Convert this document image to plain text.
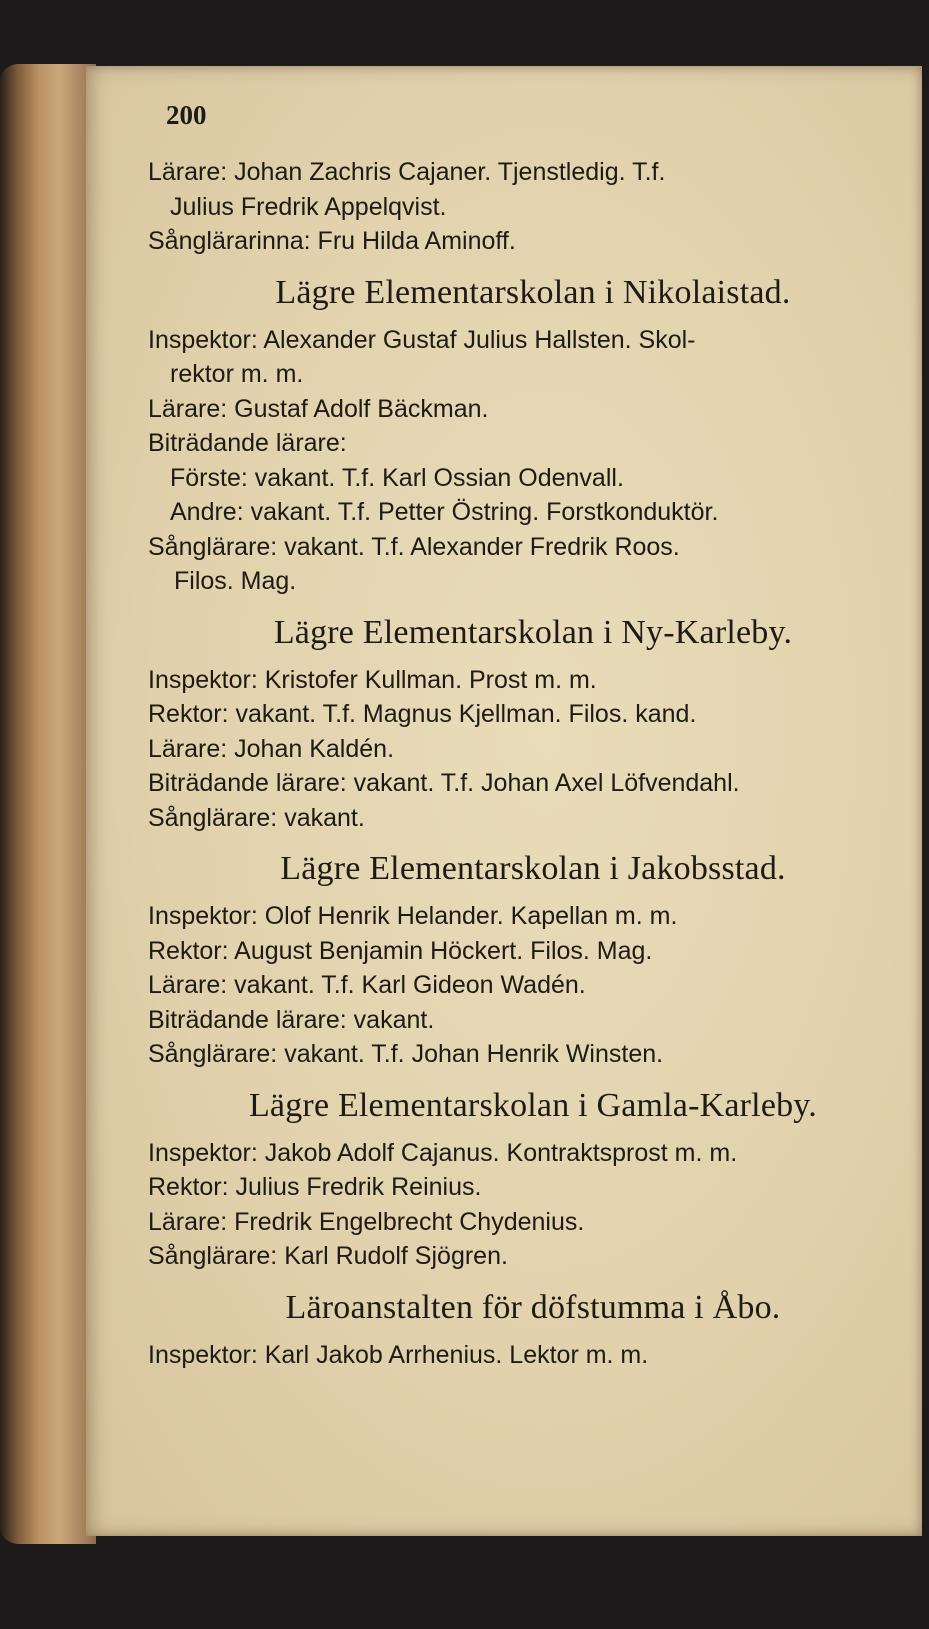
200
Lärare: Johan Zachris Cajaner. Tjenstledig. T.f.
Julius Fredrik Appelqvist.
Sånglärarinna: Fru Hilda Aminoff.
Lägre Elementarskolan i Nikolaistad.
Inspektor: Alexander Gustaf Julius Hallsten. Skol-
rektor m. m.
Lärare: Gustaf Adolf Bäckman.
Biträdande lärare:
Förste: vakant. T.f. Karl Ossian Odenvall.
Andre: vakant. T.f. Petter Östring. Forstkonduktör.
Sånglärare: vakant. T.f. Alexander Fredrik Roos.
Filos. Mag.
Lägre Elementarskolan i Ny-Karleby.
Inspektor: Kristofer Kullman. Prost m. m.
Rektor: vakant. T.f. Magnus Kjellman. Filos. kand.
Lärare: Johan Kaldén.
Biträdande lärare: vakant. T.f. Johan Axel Löfvendahl.
Sånglärare: vakant.
Lägre Elementarskolan i Jakobsstad.
Inspektor: Olof Henrik Helander. Kapellan m. m.
Rektor: August Benjamin Höckert. Filos. Mag.
Lärare: vakant. T.f. Karl Gideon Wadén.
Biträdande lärare: vakant.
Sånglärare: vakant. T.f. Johan Henrik Winsten.
Lägre Elementarskolan i Gamla-Karleby.
Inspektor: Jakob Adolf Cajanus. Kontraktsprost m. m.
Rektor: Julius Fredrik Reinius.
Lärare: Fredrik Engelbrecht Chydenius.
Sånglärare: Karl Rudolf Sjögren.
Läroanstalten för döfstumma i Åbo.
Inspektor: Karl Jakob Arrhenius. Lektor m. m.
